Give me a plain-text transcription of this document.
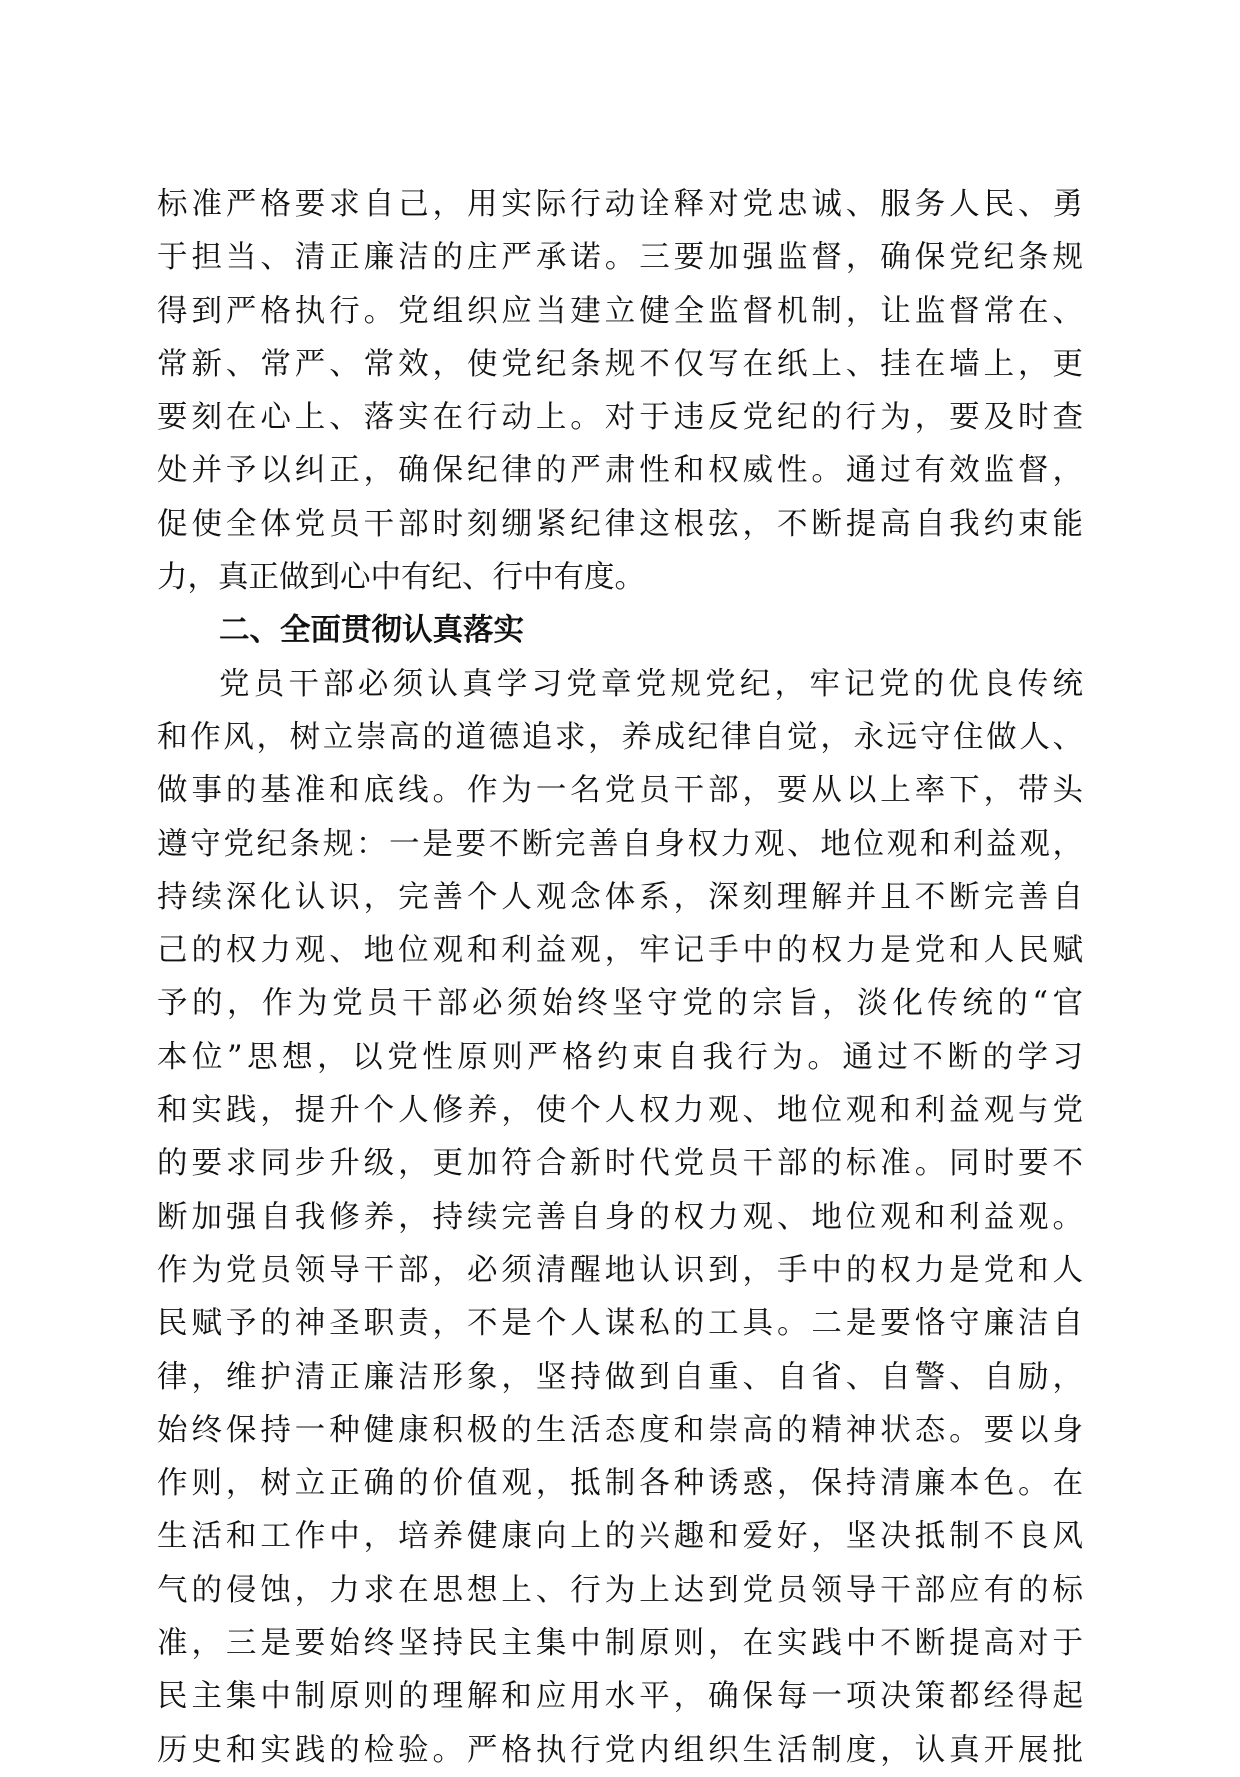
标准严格要求自己，用实际行动诠释对党忠诚、服务人民、勇
于担当、清正廉洁的庄严承诺。三要加强监督，确保党纪条规
得到严格执行。党组织应当建立健全监督机制，让监督常在、
常新、常严、常效，使党纪条规不仅写在纸上、挂在墙上，更
要刻在心上、落实在行动上。对于违反党纪的行为，要及时查
处并予以纠正，确保纪律的严肃性和权威性。通过有效监督，
促使全体党员干部时刻绷紧纪律这根弦，不断提高自我约束能
力，真正做到心中有纪、行中有度。
二、全面贯彻认真落实
党员干部必须认真学习党章党规党纪，牢记党的优良传统
和作风，树立崇高的道德追求，养成纪律自觉，永远守住做人、
做事的基准和底线。作为一名党员干部，要从以上率下，带头
遵守党纪条规：一是要不断完善自身权力观、地位观和利益观，
持续深化认识，完善个人观念体系，深刻理解并且不断完善自
己的权力观、地位观和利益观，牢记手中的权力是党和人民赋
予的，作为党员干部必须始终坚守党的宗旨，淡化传统的“官
本位”思想，以党性原则严格约束自我行为。通过不断的学习
和实践，提升个人修养，使个人权力观、地位观和利益观与党
的要求同步升级，更加符合新时代党员干部的标准。同时要不
断加强自我修养，持续完善自身的权力观、地位观和利益观。
作为党员领导干部，必须清醒地认识到，手中的权力是党和人
民赋予的神圣职责，不是个人谋私的工具。二是要恪守廉洁自
律，维护清正廉洁形象，坚持做到自重、自省、自警、自励，
始终保持一种健康积极的生活态度和崇高的精神状态。要以身
作则，树立正确的价值观，抵制各种诱惑，保持清廉本色。在
生活和工作中，培养健康向上的兴趣和爱好，坚决抵制不良风
气的侵蚀，力求在思想上、行为上达到党员领导干部应有的标
准，三是要始终坚持民主集中制原则，在实践中不断提高对于
民主集中制原则的理解和应用水平，确保每一项决策都经得起
历史和实践的检验。严格执行党内组织生活制度，认真开展批
